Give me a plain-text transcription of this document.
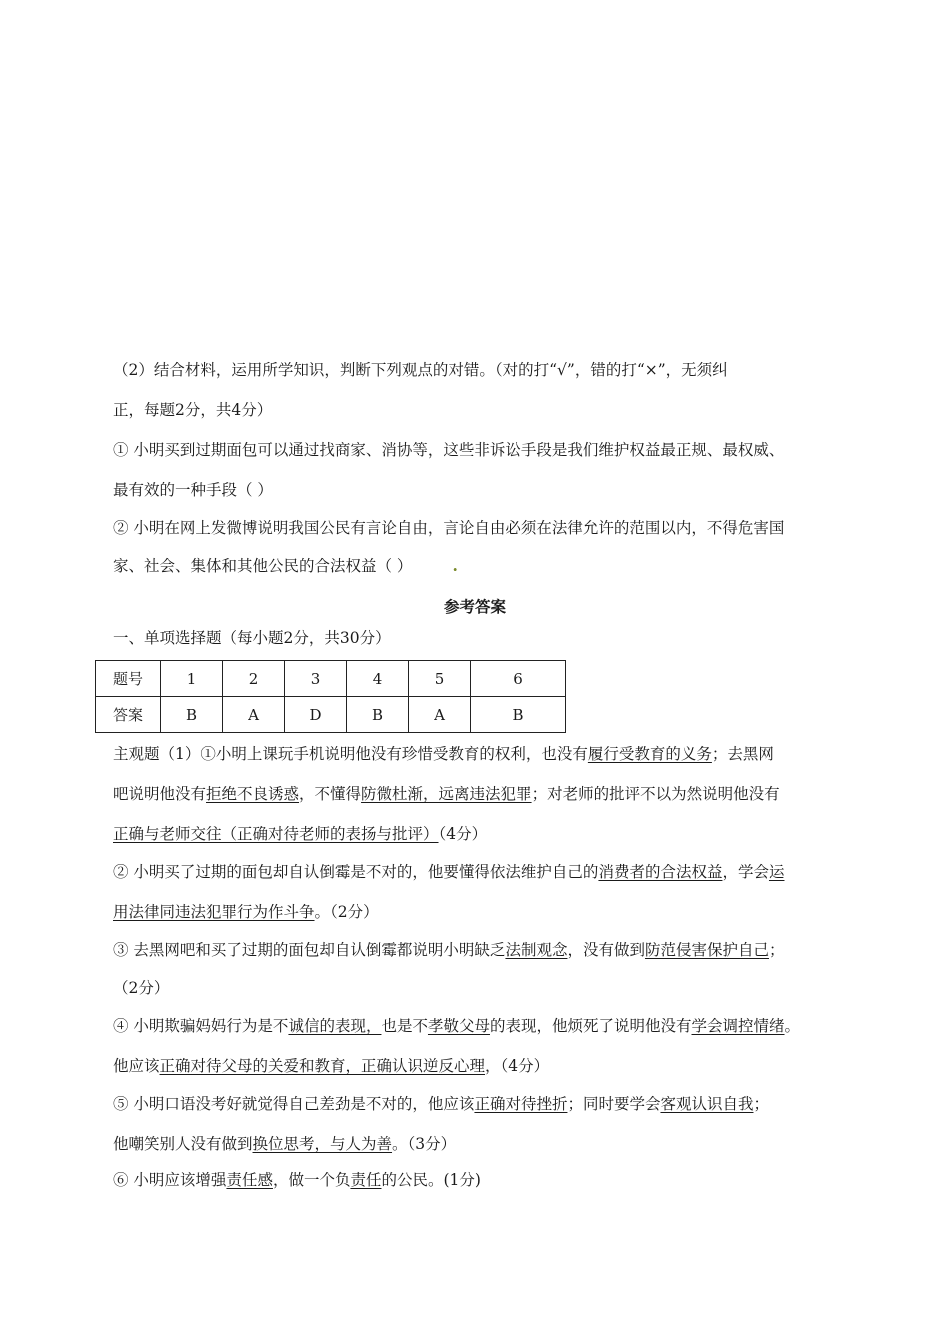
（2）结合材料，运用所学知识，判断下列观点的对错。（对的打“√”，错的打“×”，无须纠
正，每题2分，共4分）
① 小明买到过期面包可以通过找商家、消协等，这些非诉讼手段是我们维护权益最正规、最权威、
最有效的一种手段（ ）
② 小明在网上发微博说明我国公民有言论自由，言论自由必须在法律允许的范围以内，不得危害国
家、社会、集体和其他公民的合法权益（ ）	.
参考答案
一、单项选择题（每小题2分，共30分）
题号	1	2	3	4	5	6
答案	B	A	D	B	A	B
主观题（1）①小明上课玩手机说明他没有珍惜受教育的权利，也没有履行受教育的义务；去黑网
吧说明他没有拒绝不良诱惑，不懂得防微杜渐，远离违法犯罪；对老师的批评不以为然说明他没有
正确与老师交往（正确对待老师的表扬与批评）（4分）
② 小明买了过期的面包却自认倒霉是不对的，他要懂得依法维护自己的消费者的合法权益，学会运
用法律同违法犯罪行为作斗争。（2分）
③ 去黑网吧和买了过期的面包却自认倒霉都说明小明缺乏法制观念，没有做到防范侵害保护自己；
（2分）
④ 小明欺骗妈妈行为是不诚信的表现，也是不孝敬父母的表现，他烦死了说明他没有学会调控情绪。
他应该正确对待父母的关爱和教育，正确认识逆反心理，（4分）
⑤ 小明口语没考好就觉得自己差劲是不对的，他应该正确对待挫折；同时要学会客观认识自我；
他嘲笑别人没有做到换位思考，与人为善。（3分）
⑥ 小明应该增强责任感，做一个负责任的公民。(1分)
